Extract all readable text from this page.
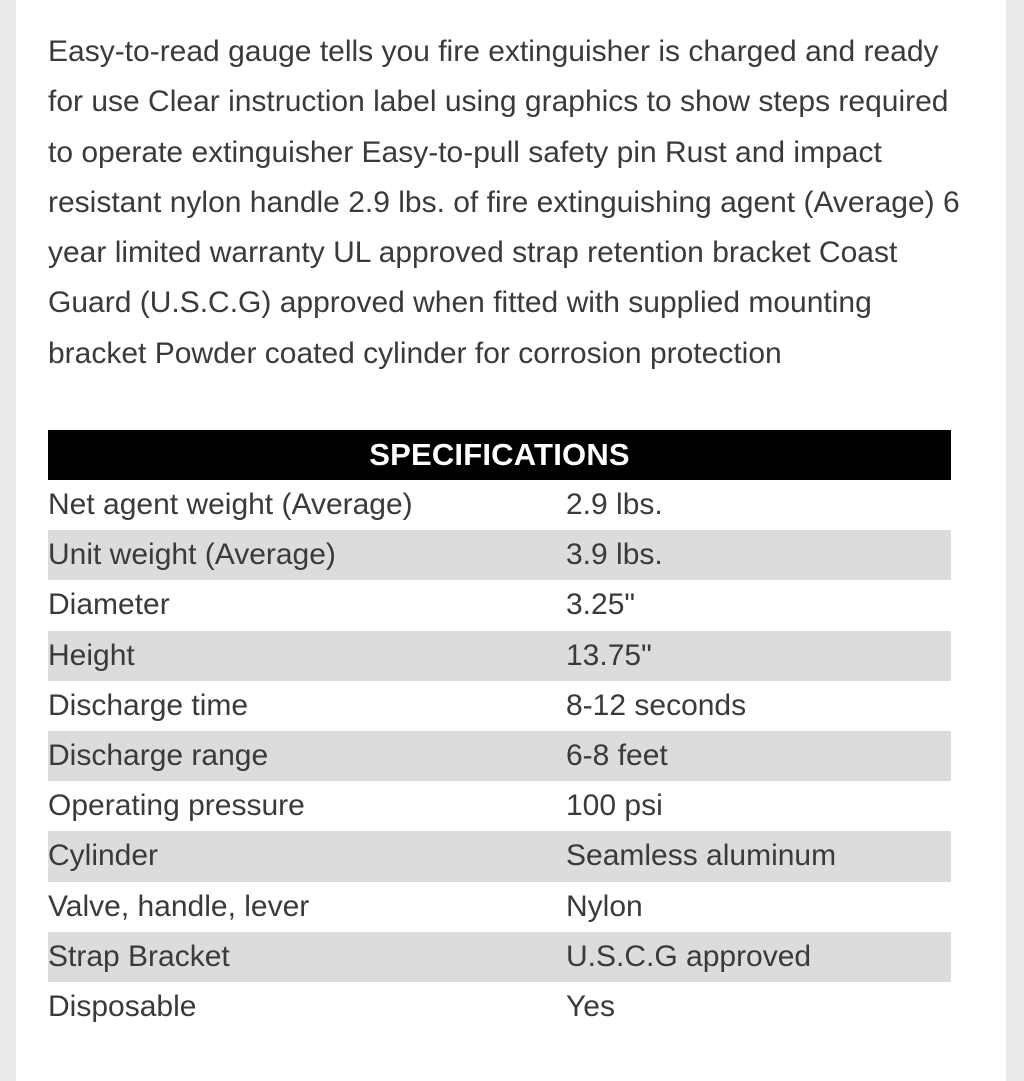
Easy-to-read gauge tells you fire extinguisher is charged and ready for use Clear instruction label using graphics to show steps required to operate extinguisher Easy-to-pull safety pin Rust and impact resistant nylon handle 2.9 lbs. of fire extinguishing agent (Average) 6 year limited warranty UL approved strap retention bracket Coast Guard (U.S.C.G) approved when fitted with supplied mounting bracket Powder coated cylinder for corrosion protection

SPECIFICATIONS
Net agent weight (Average)	2.9 lbs.
Unit weight (Average)	3.9 lbs.
Diameter	3.25"
Height	13.75"
Discharge time	8-12 seconds
Discharge range	6-8 feet
Operating pressure	100 psi
Cylinder	Seamless aluminum
Valve, handle, lever	Nylon
Strap Bracket	U.S.C.G approved
Disposable	Yes
